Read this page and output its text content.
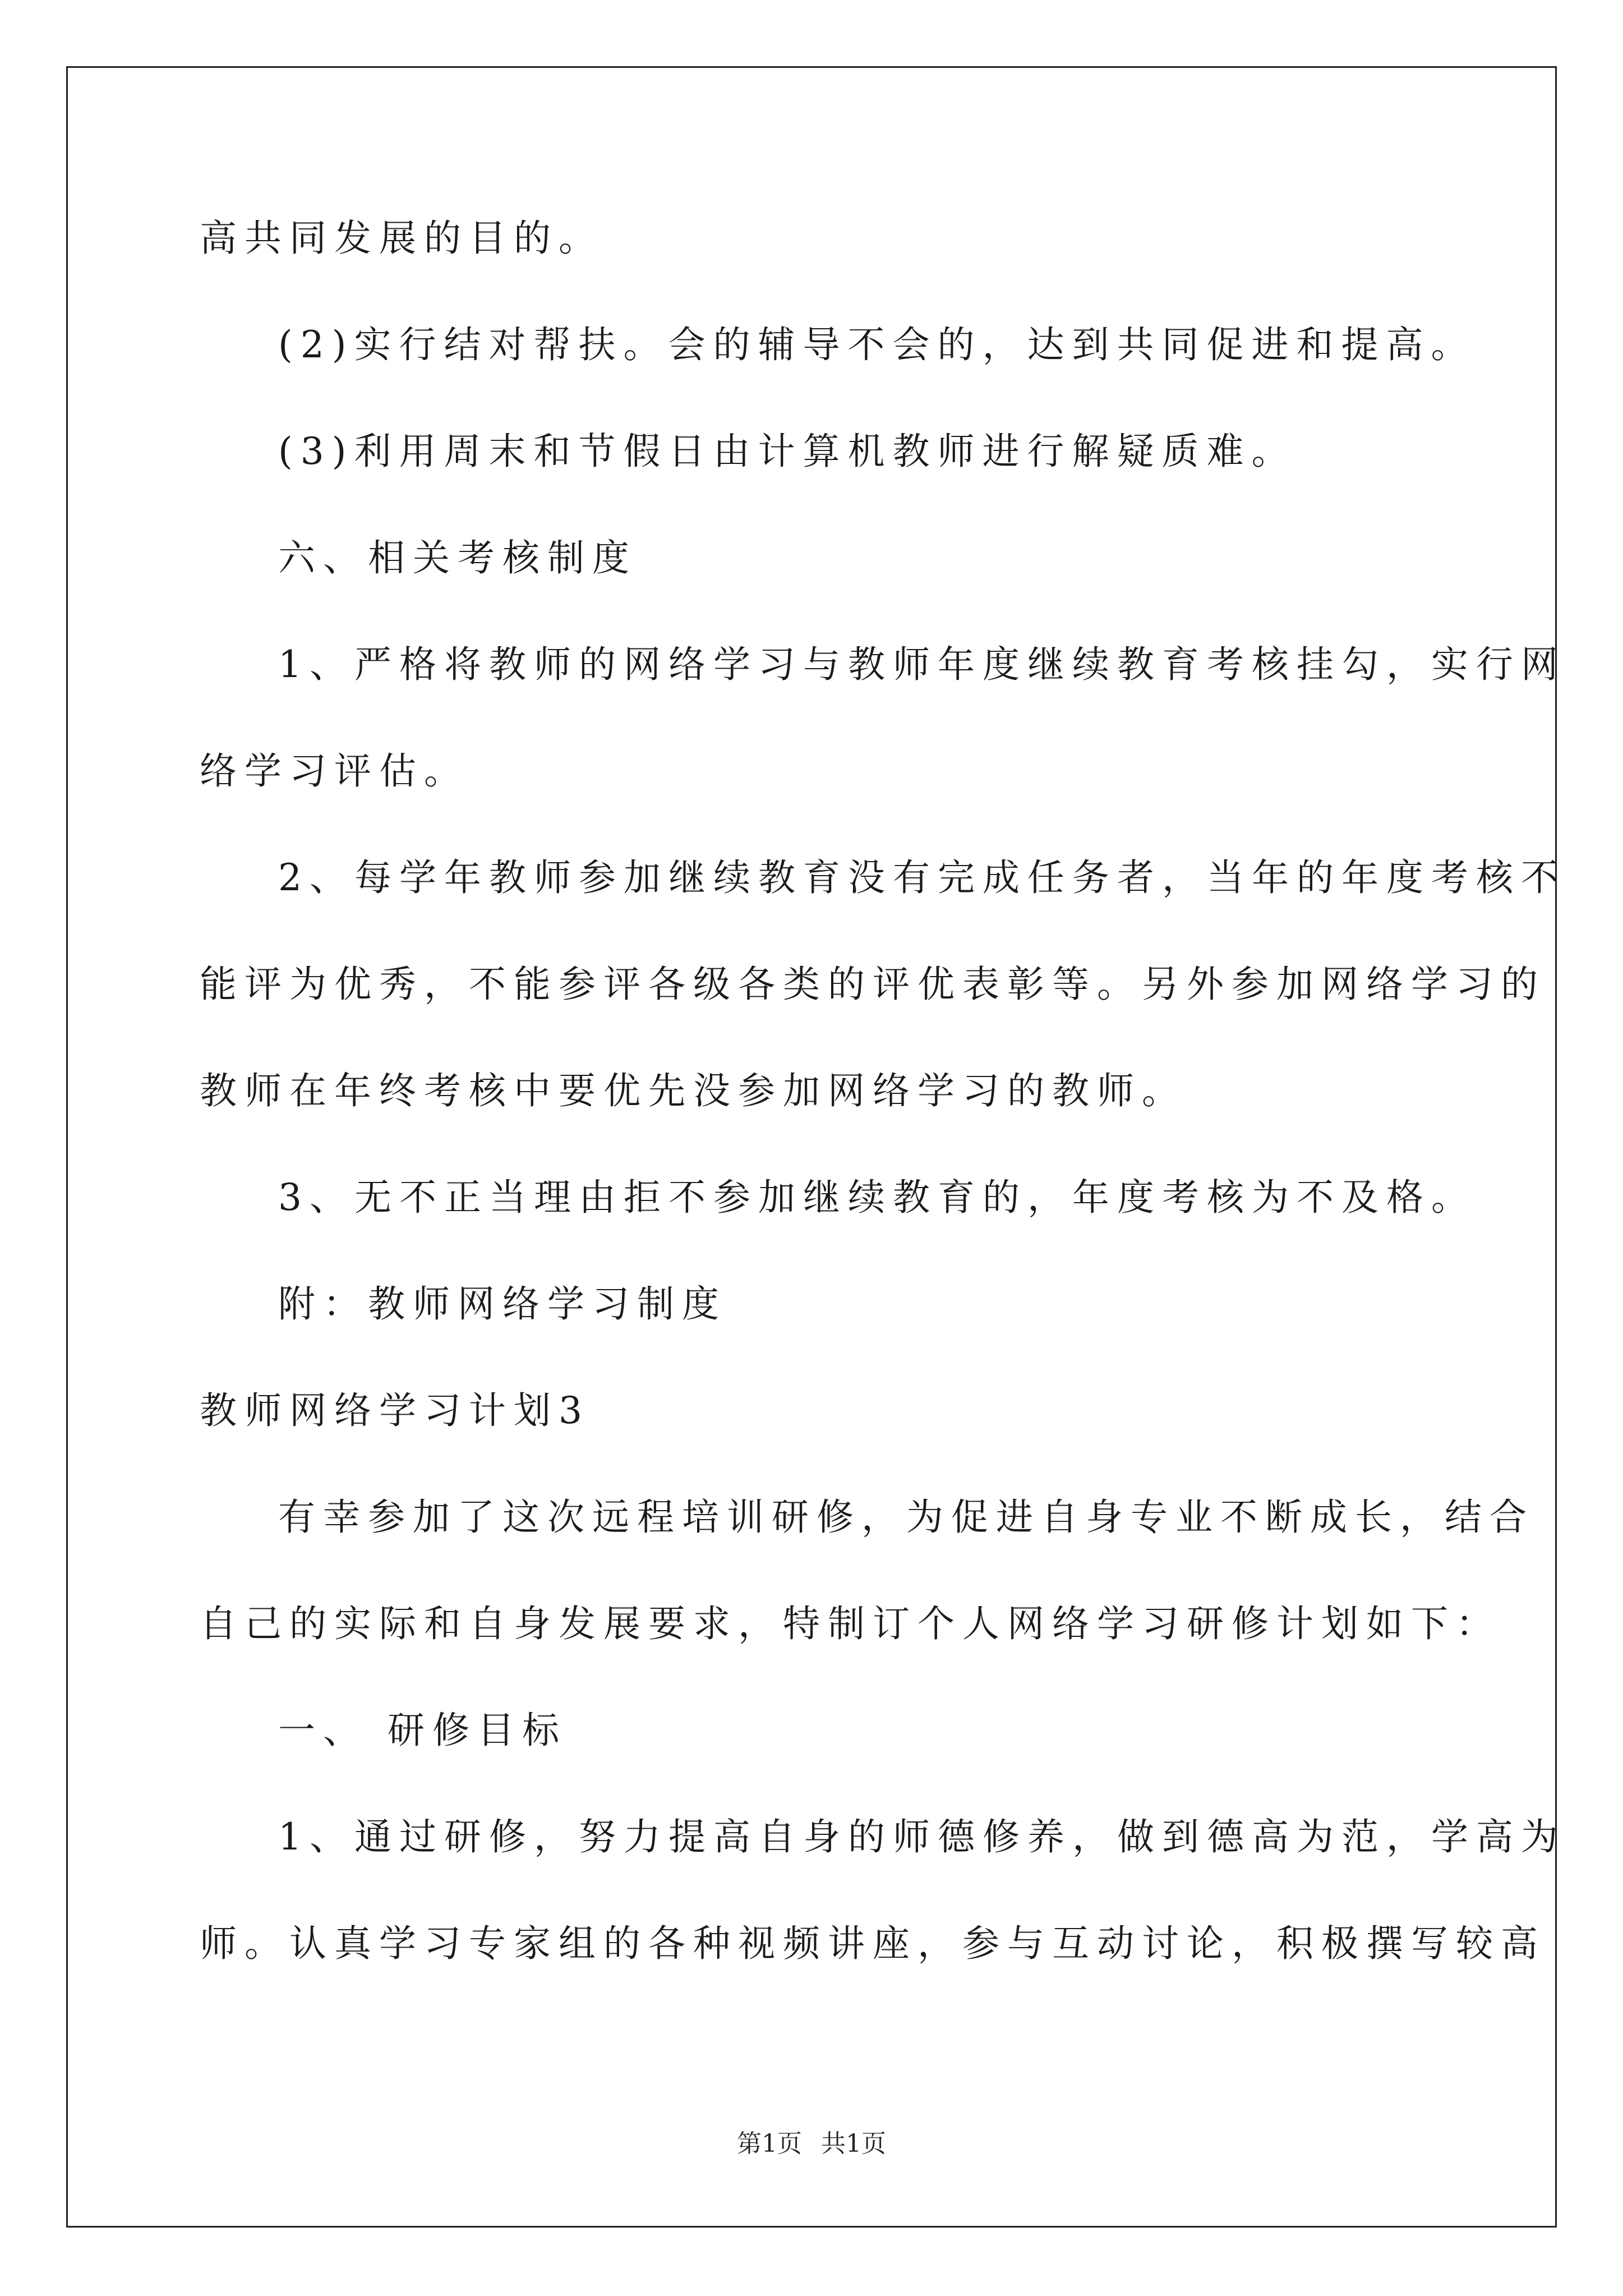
高共同发展的目的。
(2)实行结对帮扶。会的辅导不会的，达到共同促进和提高。
(3)利用周末和节假日由计算机教师进行解疑质难。
六、相关考核制度
1、严格将教师的网络学习与教师年度继续教育考核挂勾，实行网
络学习评估。
2、每学年教师参加继续教育没有完成任务者，当年的年度考核不
能评为优秀，不能参评各级各类的评优表彰等。另外参加网络学习的
教师在年终考核中要优先没参加网络学习的教师。
3、无不正当理由拒不参加继续教育的，年度考核为不及格。
附：教师网络学习制度
教师网络学习计划3
有幸参加了这次远程培训研修，为促进自身专业不断成长，结合
自己的实际和自身发展要求，特制订个人网络学习研修计划如下：
一、 研修目标
1、通过研修，努力提高自身的师德修养，做到德高为范，学高为
师。认真学习专家组的各种视频讲座，参与互动讨论，积极撰写较高
第1页 共1页
